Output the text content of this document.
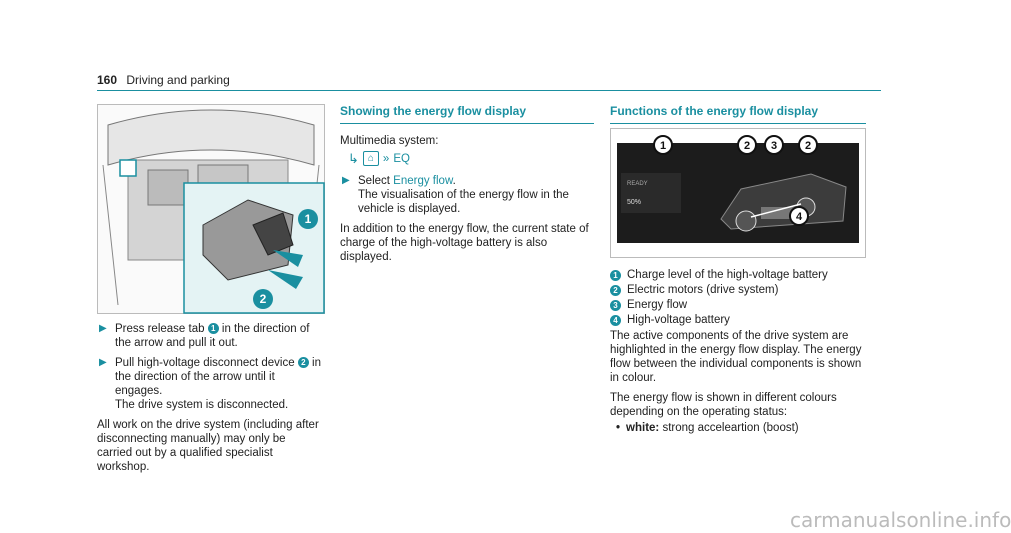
160 Driving and parking
1
2
▶ Press release tab 1 in the direction of the arrow and pull it out.
▶ Pull high-voltage disconnect device 2 in the direction of the arrow until it engages.
The drive system is disconnected.
All work on the drive system (including after disconnecting manually) may only be carried out by a qualified specialist workshop.
Showing the energy flow display
Multimedia system:
↳ ⌂ » EQ
▶ Select Energy flow.
The visualisation of the energy flow in the vehicle is displayed.
In addition to the energy flow, the current state of charge of the high-voltage battery is also displayed.
Functions of the energy flow display
READY
50%
1	2	3	2
4
1 Charge level of the high-voltage battery
2 Electric motors (drive system)
3 Energy flow
4 High-voltage battery
The active components of the drive system are highlighted in the energy flow display. The energy flow between the individual components is shown in colour.
The energy flow is shown in different colours depending on the operating status:
• white: strong acceleartion (boost)
carmanualsonline.info
